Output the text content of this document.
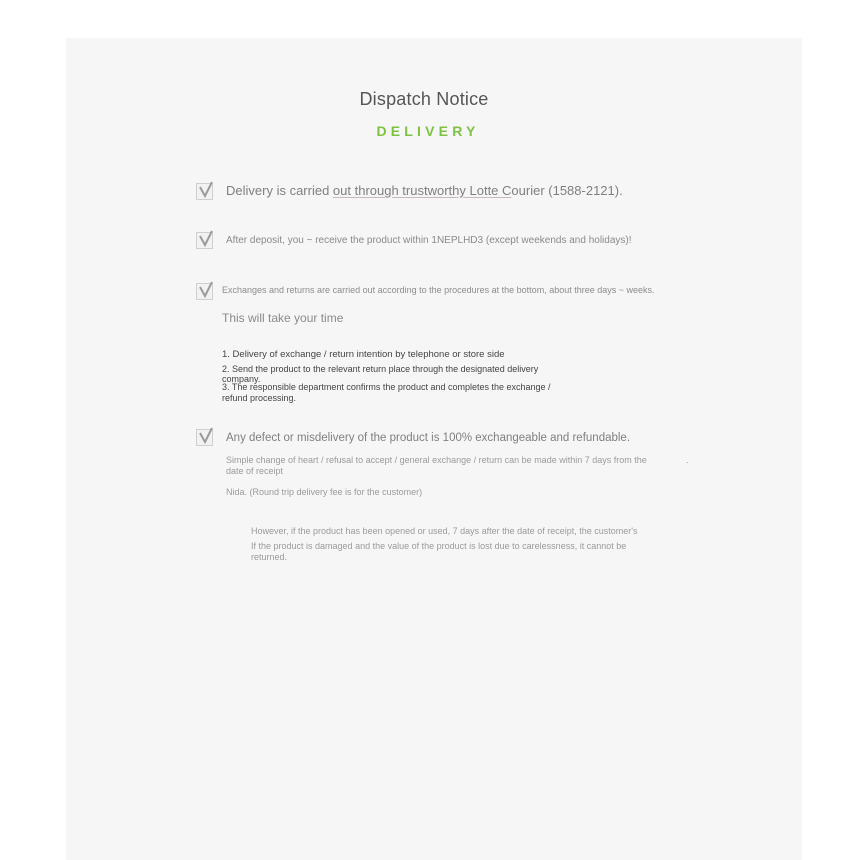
Dispatch Notice
DELIVERY
Delivery is carried out through trustworthy Lotte Courier (1588-2121).
After deposit, you ~ receive the product within 1NEPLHD3 (except weekends and holidays)!
Exchanges and returns are carried out according to the procedures at the bottom, about three days ~ weeks.
This will take your time
1. Delivery of exchange / return intention by telephone or store side
2. Send the product to the relevant return place through the designated delivery
company.
3. The responsible department confirms the product and completes the exchange /
refund processing.
Any defect or misdelivery of the product is 100% exchangeable and refundable.
Simple change of heart / refusal to accept / general exchange / return can be made within 7 days from the	.
date of receipt
Nida. (Round trip delivery fee is for the customer)
However, if the product has been opened or used, 7 days after the date of receipt, the customer's
If the product is damaged and the value of the product is lost due to carelessness, it cannot be
returned.
